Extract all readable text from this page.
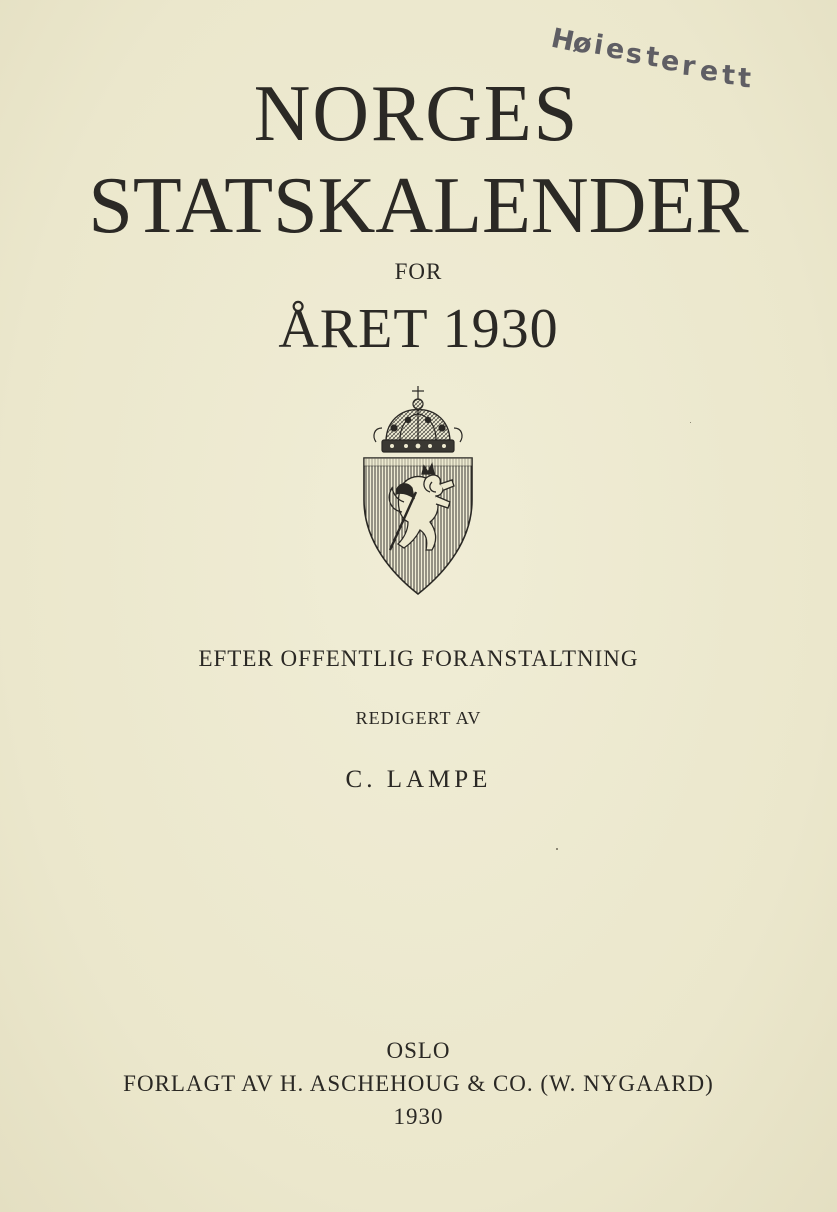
H
ø
i
e
s t
e r e t t
NORGES
STATSKALENDER
FOR
ÅRET 1930
EFTER OFFENTLIG FORANSTALTNING
REDIGERT AV
C. LAMPE
OSLO
FORLAGT AV H. ASCHEHOUG & CO. (W. NYGAARD)
1930
